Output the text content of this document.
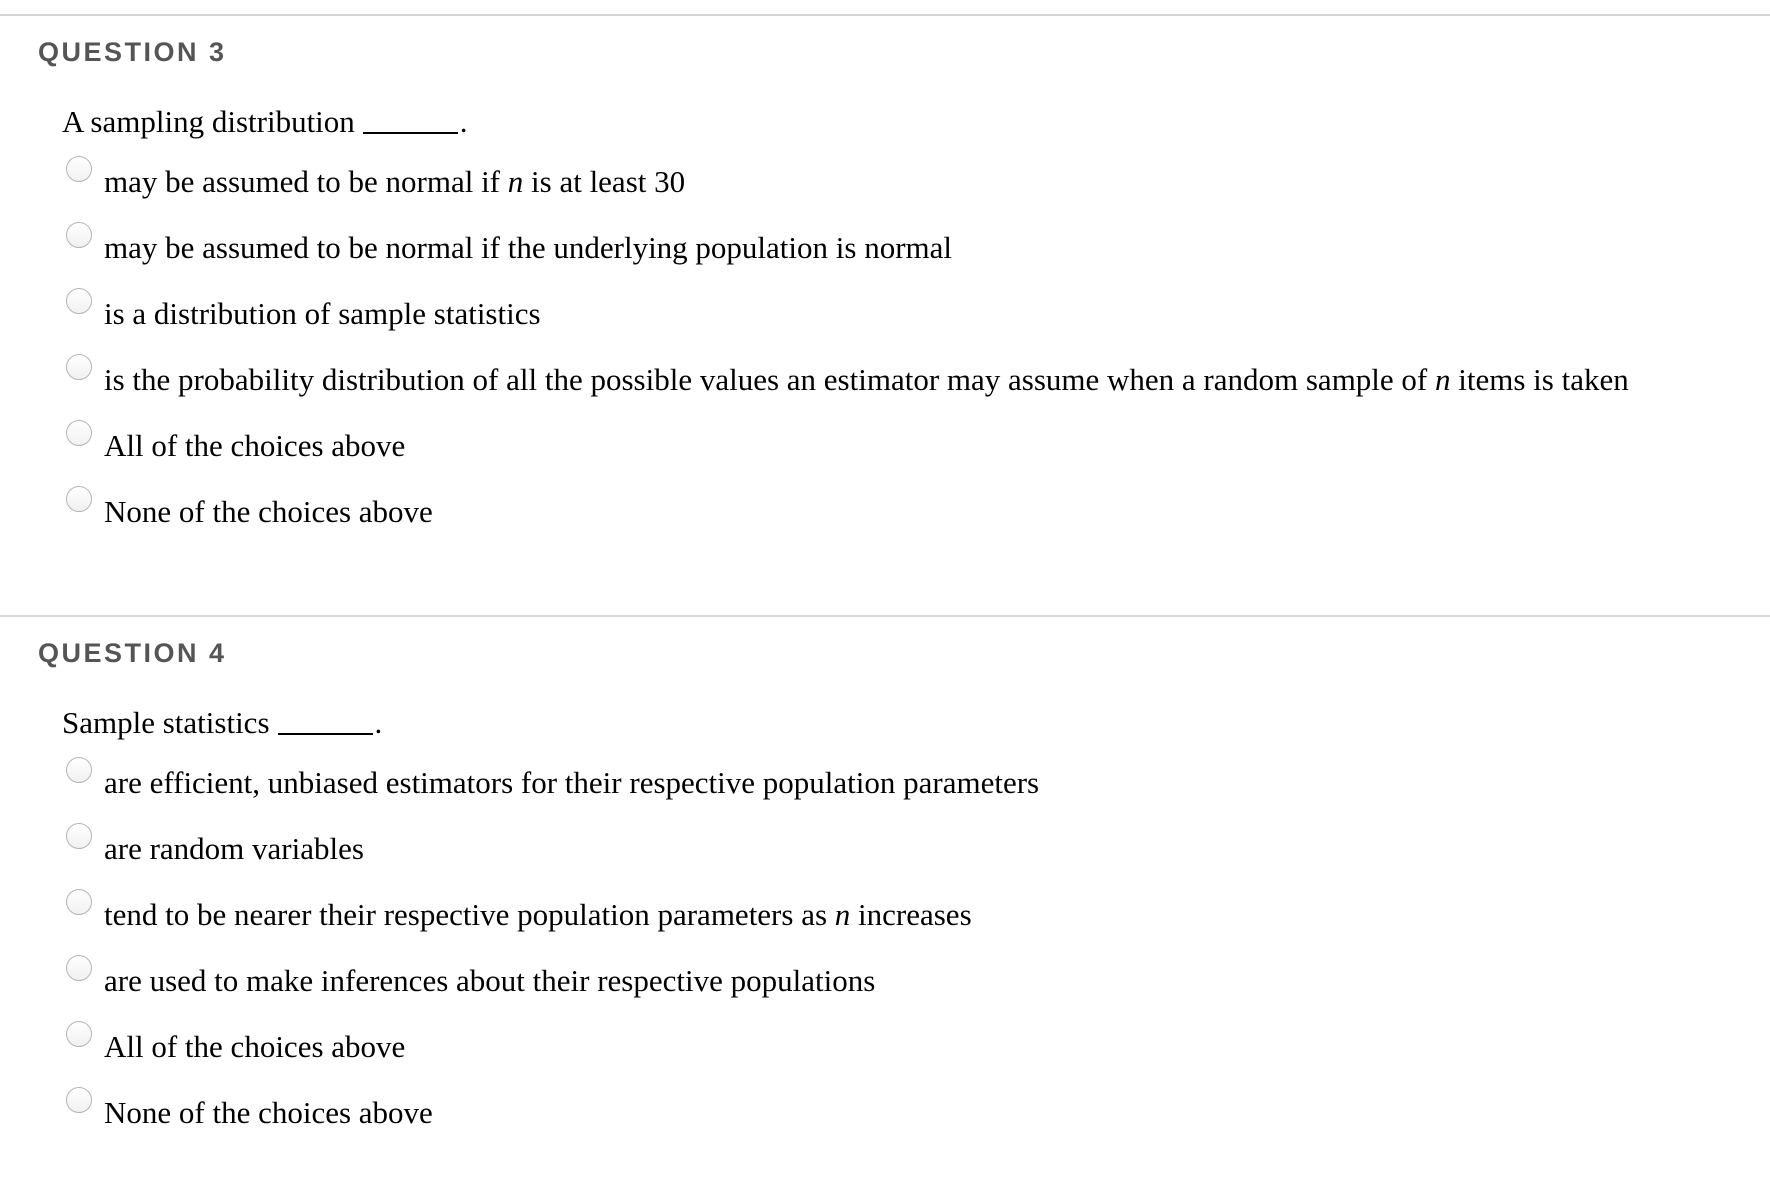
QUESTION 3
A sampling distribution	.
may be assumed to be normal if n is at least 30
may be assumed to be normal if the underlying population is normal
is a distribution of sample statistics
is the probability distribution of all the possible values an estimator may assume when a random sample of n items is taken
All of the choices above
None of the choices above
QUESTION 4
Sample statistics	.
are efficient, unbiased estimators for their respective population parameters
are random variables
tend to be nearer their respective population parameters as n increases
are used to make inferences about their respective populations
All of the choices above
None of the choices above
